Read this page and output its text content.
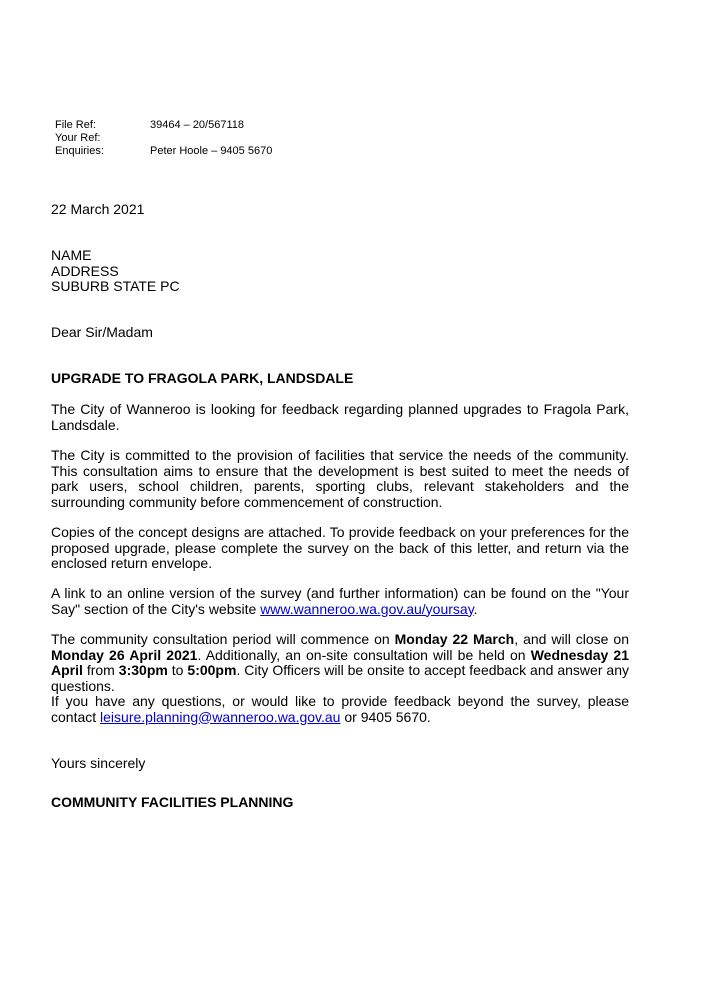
File Ref:	39464 – 20/567118
Your Ref:
Enquiries:	Peter Hoole – 9405 5670
22 March 2021
NAME
ADDRESS
SUBURB STATE PC
Dear Sir/Madam
UPGRADE TO FRAGOLA PARK, LANDSDALE
The City of Wanneroo is looking for feedback regarding planned upgrades to Fragola Park, Landsdale.
The City is committed to the provision of facilities that service the needs of the community. This consultation aims to ensure that the development is best suited to meet the needs of park users, school children, parents, sporting clubs, relevant stakeholders and the surrounding community before commencement of construction.
Copies of the concept designs are attached. To provide feedback on your preferences for the proposed upgrade, please complete the survey on the back of this letter, and return via the enclosed return envelope.
A link to an online version of the survey (and further information) can be found on the "Your Say" section of the City's website www.wanneroo.wa.gov.au/yoursay.
The community consultation period will commence on Monday 22 March, and will close on Monday 26 April 2021. Additionally, an on-site consultation will be held on Wednesday 21 April from 3:30pm to 5:00pm. City Officers will be onsite to accept feedback and answer any questions.
If you have any questions, or would like to provide feedback beyond the survey, please contact leisure.planning@wanneroo.wa.gov.au or 9405 5670.
Yours sincerely
COMMUNITY FACILITIES PLANNING
